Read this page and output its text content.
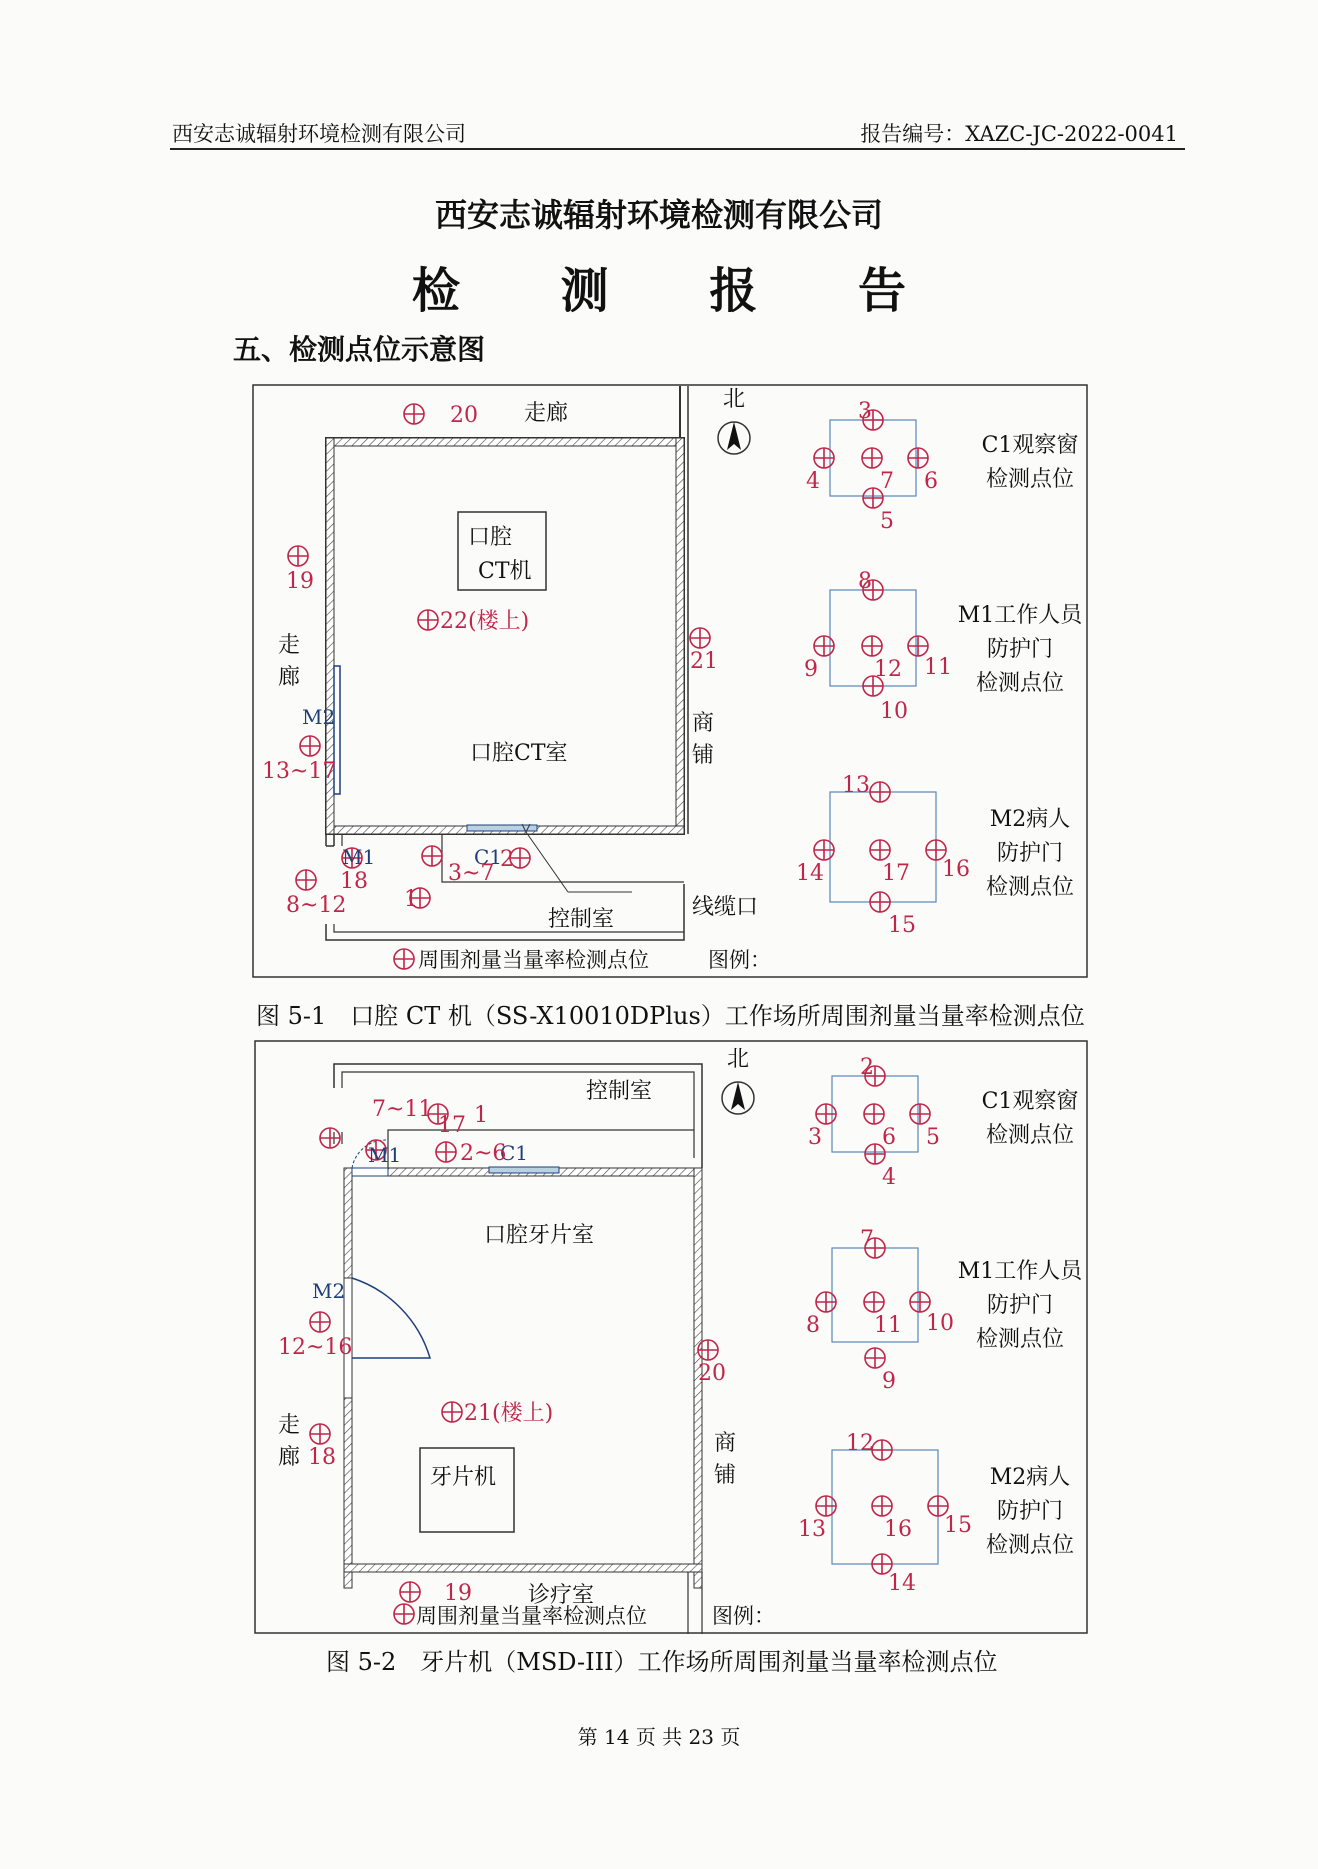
西安志诚辐射环境检测有限公司	报告编号：XAZC-JC-2022-0041
西安志诚辐射环境检测有限公司
检 测 报 告
五、检测点位示意图
走廊
走
廊
商
铺
口腔
CT机
口腔CT室
控制室	线缆口
北
图例：
周围剂量当量率检测点位
M2
M1	C1
20
19
22(楼上)
21
13~17
18
8~12	1
3~7
2
3
4	7 6
5
8
9	12 11
10
13
14	17 16
15
C1观察窗
检测点位
M1工作人员
防护门
检测点位
M2病人
防护门
检测点位
图 5-1　口腔 CT 机（SS-X10010DPlus）工作场所周围剂量当量率检测点位
控制室
口腔牙片室
牙片机
走
廊
商
铺
诊疗室
北
图例：
周围剂量当量率检测点位
M2
M1	C1
7~11
17 1
2~6
12~16
18
21(楼上)
20
19
2
3	6 5
4
7
8 11 10
9
12
13	16 15
14
C1观察窗
检测点位
M1工作人员
防护门
检测点位
M2病人
防护门
检测点位
图 5-2　牙片机（MSD-III）工作场所周围剂量当量率检测点位
第 14 页 共 23 页
